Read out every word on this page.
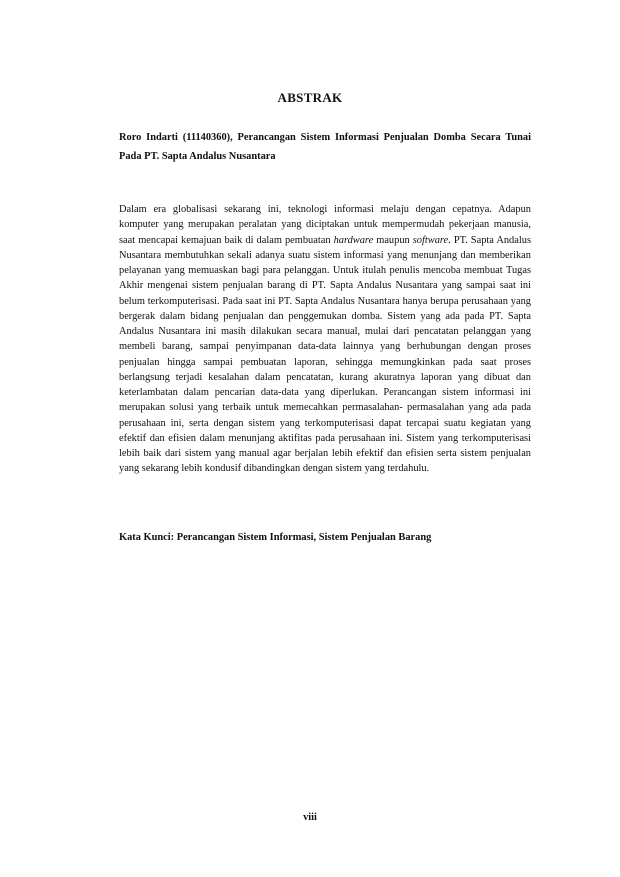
ABSTRAK
Roro Indarti (11140360), Perancangan Sistem Informasi Penjualan Domba Secara Tunai Pada PT. Sapta Andalus Nusantara

Dalam era globalisasi sekarang ini, teknologi informasi melaju dengan cepatnya. Adapun komputer yang merupakan peralatan yang diciptakan untuk mempermudah pekerjaan manusia, saat mencapai kemajuan baik di dalam pembuatan hardware maupun software. PT. Sapta Andalus Nusantara membutuhkan sekali adanya suatu sistem informasi yang menunjang dan memberikan pelayanan yang memuaskan bagi para pelanggan. Untuk itulah penulis mencoba membuat Tugas Akhir mengenai sistem penjualan barang di PT. Sapta Andalus Nusantara yang sampai saat ini belum terkomputerisasi. Pada saat ini PT. Sapta Andalus Nusantara hanya berupa perusahaan yang bergerak dalam bidang penjualan dan penggemukan domba. Sistem yang ada pada PT. Sapta Andalus Nusantara ini masih dilakukan secara manual, mulai dari pencatatan pelanggan yang membeli barang, sampai penyimpanan data-data lainnya yang berhubungan dengan proses penjualan hingga sampai pembuatan laporan, sehingga memungkinkan pada saat proses berlangsung terjadi kesalahan dalam pencatatan, kurang akuratnya laporan yang dibuat dan keterlambatan dalam pencarian data-data yang diperlukan. Perancangan sistem informasi ini merupakan solusi yang terbaik untuk memecahkan permasalahan- permasalahan yang ada pada perusahaan ini, serta dengan sistem yang terkomputerisasi dapat tercapai suatu kegiatan yang efektif dan efisien dalam menunjang aktifitas pada perusahaan ini. Sistem yang terkomputerisasi lebih baik dari sistem yang manual agar berjalan lebih efektif dan efisien serta sistem penjualan yang sekarang lebih kondusif dibandingkan dengan sistem yang terdahulu.

Kata Kunci: Perancangan Sistem Informasi, Sistem Penjualan Barang
viii
